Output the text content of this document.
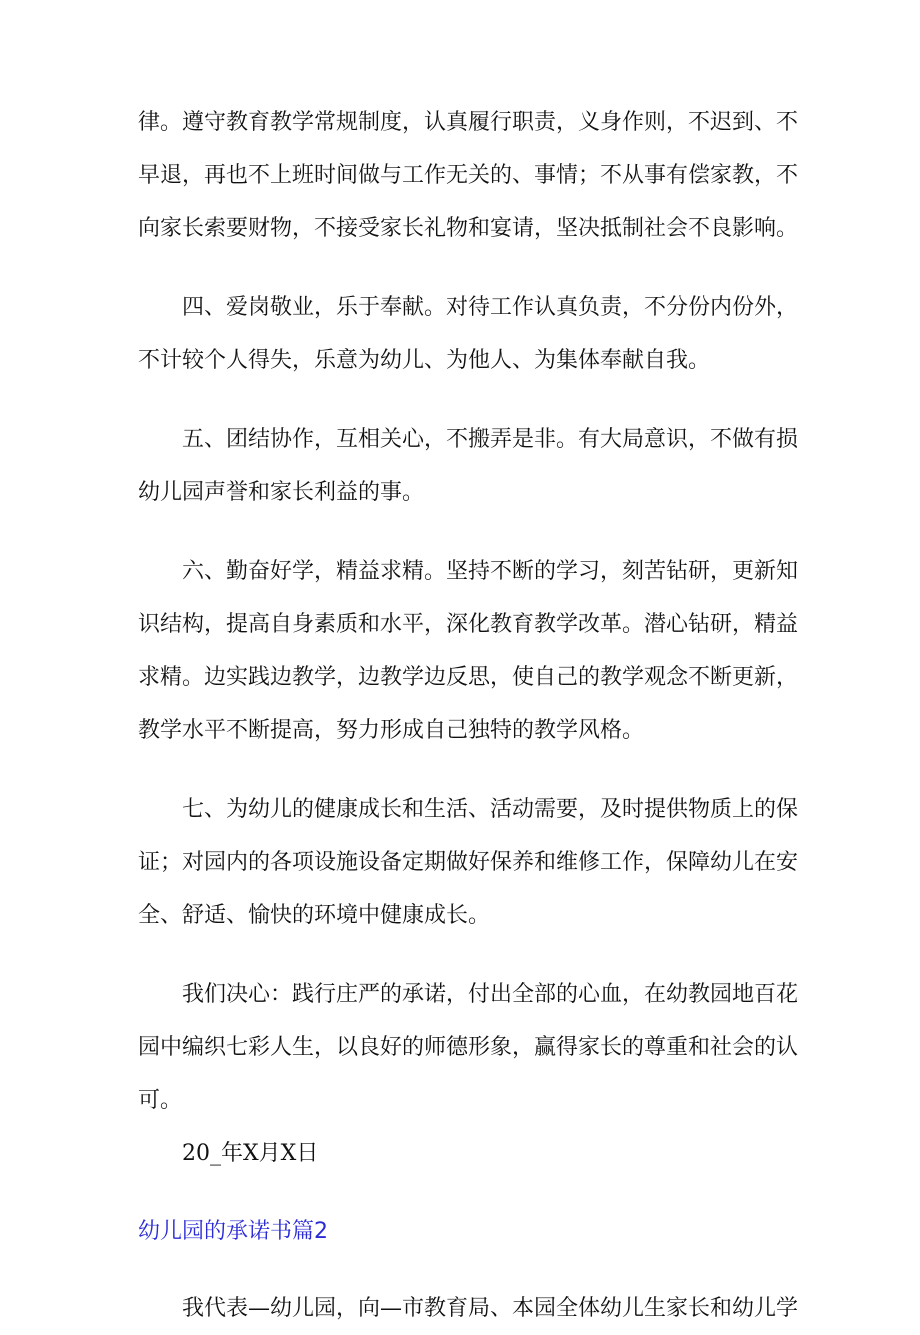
律。遵守教育教学常规制度，认真履行职责，义身作则，不迟到、不早退，再也不上班时间做与工作无关的、事情；不从事有偿家教，不向家长索要财物，不接受家长礼物和宴请，坚决抵制社会不良影响。

四、爱岗敬业，乐于奉献。对待工作认真负责，不分份内份外，不计较个人得失，乐意为幼儿、为他人、为集体奉献自我。

五、团结协作，互相关心，不搬弄是非。有大局意识，不做有损幼儿园声誉和家长利益的事。

六、勤奋好学，精益求精。坚持不断的学习，刻苦钻研，更新知识结构，提高自身素质和水平，深化教育教学改革。潜心钻研，精益求精。边实践边教学，边教学边反思，使自己的教学观念不断更新，教学水平不断提高，努力形成自己独特的教学风格。

七、为幼儿的健康成长和生活、活动需要，及时提供物质上的保证；对园内的各项设施设备定期做好保养和维修工作，保障幼儿在安全、舒适、愉快的环境中健康成长。

我们决心：践行庄严的承诺，付出全部的心血，在幼教园地百花园中编织七彩人生，以良好的师德形象，赢得家长的尊重和社会的认可。

20_年X月X日

幼儿园的承诺书篇2

我代表—幼儿园，向—市教育局、本园全体幼儿生家长和幼儿学
